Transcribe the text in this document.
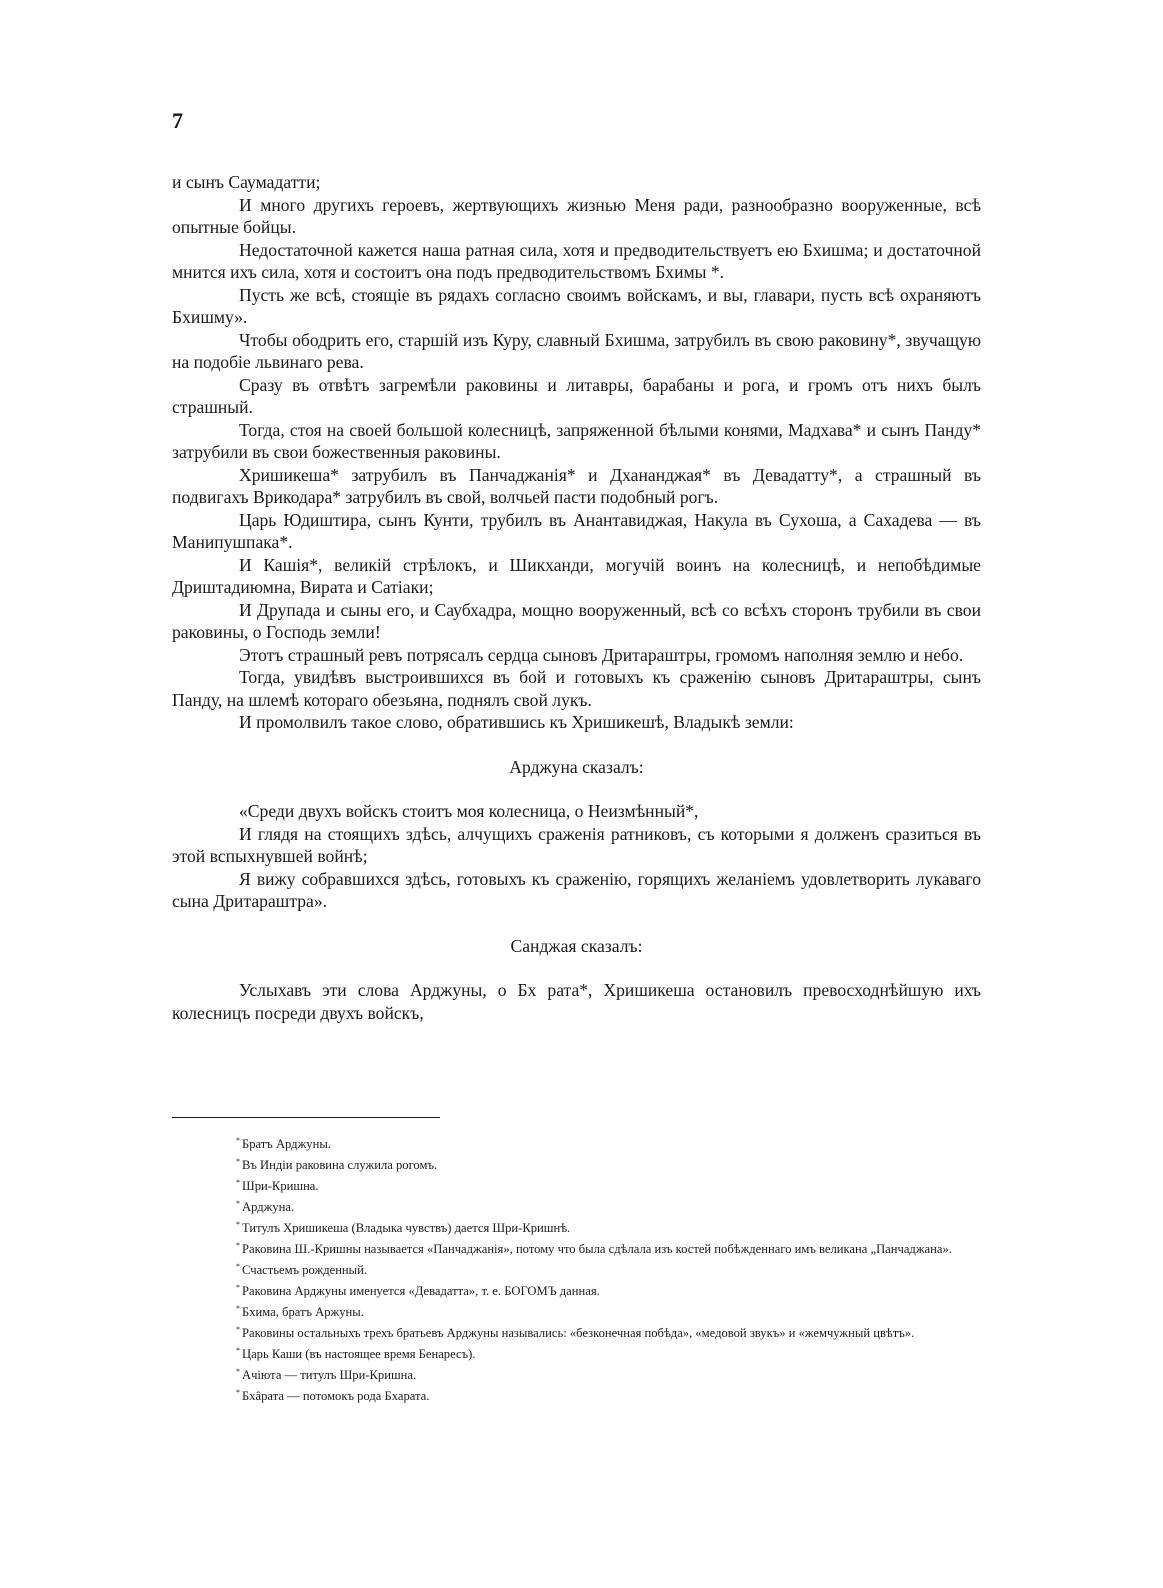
7

и сынъ Саумадатти;

И много другихъ героевъ, жертвующихъ жизнью Меня ради, разнообразно вооруженные, всѣ опытные бойцы.

Недостаточной кажется наша ратная сила, хотя и предводительствуетъ ею Бхишма; и достаточной мнится ихъ сила, хотя и состоитъ она подъ предводительствомъ Бхимы *.

Пусть же всѣ, стоящіе въ рядахъ согласно своимъ войскамъ, и вы, главари, пусть всѣ охраняютъ Бхишму».

Чтобы ободрить его, старшій изъ Куру, славный Бхишма, затрубилъ въ свою раковину*, звучащую на подобіе львинаго рева.

Сразу въ отвѣтъ загремѣли раковины и литавры, барабаны и рога, и громъ отъ нихъ былъ страшный.

Тогда, стоя на своей большой колесницѣ, запряженной бѣлыми конями, Мадхава* и сынъ Панду* затрубили въ свои божественныя раковины.

Хришикеша* затрубилъ въ Панчаджанія* и Дхананджая* въ Девадатту*, а страшный въ подвигахъ Врикодара* затрубилъ въ свой, волчьей пасти подобный рогъ.

Царь Юдиштира, сынъ Кунти, трубилъ въ Анантавиджая, Накула въ Сухоша, а Сахадева — въ Манипушпака*.

И Кашія*, великій стрѣлокъ, и Шикханди, могучій воинъ на колесницѣ, и непобѣдимые Дриштадиюмна, Вирата и Сатіаки;

И Друпада и сыны его, и Саубхадра, мощно вооруженный, всѣ со всѣхъ сторонъ трубили въ свои раковины, о Господь земли!

Этотъ страшный ревъ потрясалъ сердца сыновъ Дритараштры, громомъ наполняя землю и небо.

Тогда, увидѣвъ выстроившихся въ бой и готовыхъ къ сраженію сыновъ Дритараштры, сынъ Панду, на шлемѣ котораго обезьяна, поднялъ свой лукъ.

И промолвилъ такое слово, обратившись къ Хришикешѣ, Владыкѣ земли:

Арджуна сказалъ:

«Среди двухъ войскъ стоитъ моя колесница, о Неизмѣнный*,

И глядя на стоящихъ здѣсь, алчущихъ сраженія ратниковъ, съ которыми я долженъ сразиться въ этой вспыхнувшей войнѣ;

Я вижу собравшихся здѣсь, готовыхъ къ сраженію, горящихъ желаніемъ удовлетворить лукаваго сына Дритараштра».

Санджая сказалъ:

Услыхавъ эти слова Арджуны, о Бх рата*, Хришикеша остановилъ превосходнѣйшую ихъ колесницъ посреди двухъ войскъ,

* Братъ Арджуны.

* Въ Индіи раковина служила рогомъ.

* Шри-Кришна.

* Арджуна.

* Титулъ Хришикеша (Владыка чувствъ) дается Шри-Кришнѣ.

* Раковина Ш.-Кришны называется «Панчаджанія», потому что была сдѣлала изъ костей побѣжденнаго имъ великана „Панчаджана».

* Счастьемъ рожденный.

* Раковина Арджуны именуется «Девадатта», т. е. БОГОМЪ данная.

* Бхима, братъ Аржуны.

* Раковины остальныхъ трехъ братьевъ Арджуны назывались: «безконечная побѣда», «медовой звукъ» и «жемчужный цвѣтъ».

* Царь Каши (въ настоящее время Бенаресъ).

* Ачіюта — титулъ Шри-Кришна.

* Бхâрата — потомокъ рода Бхарата.
